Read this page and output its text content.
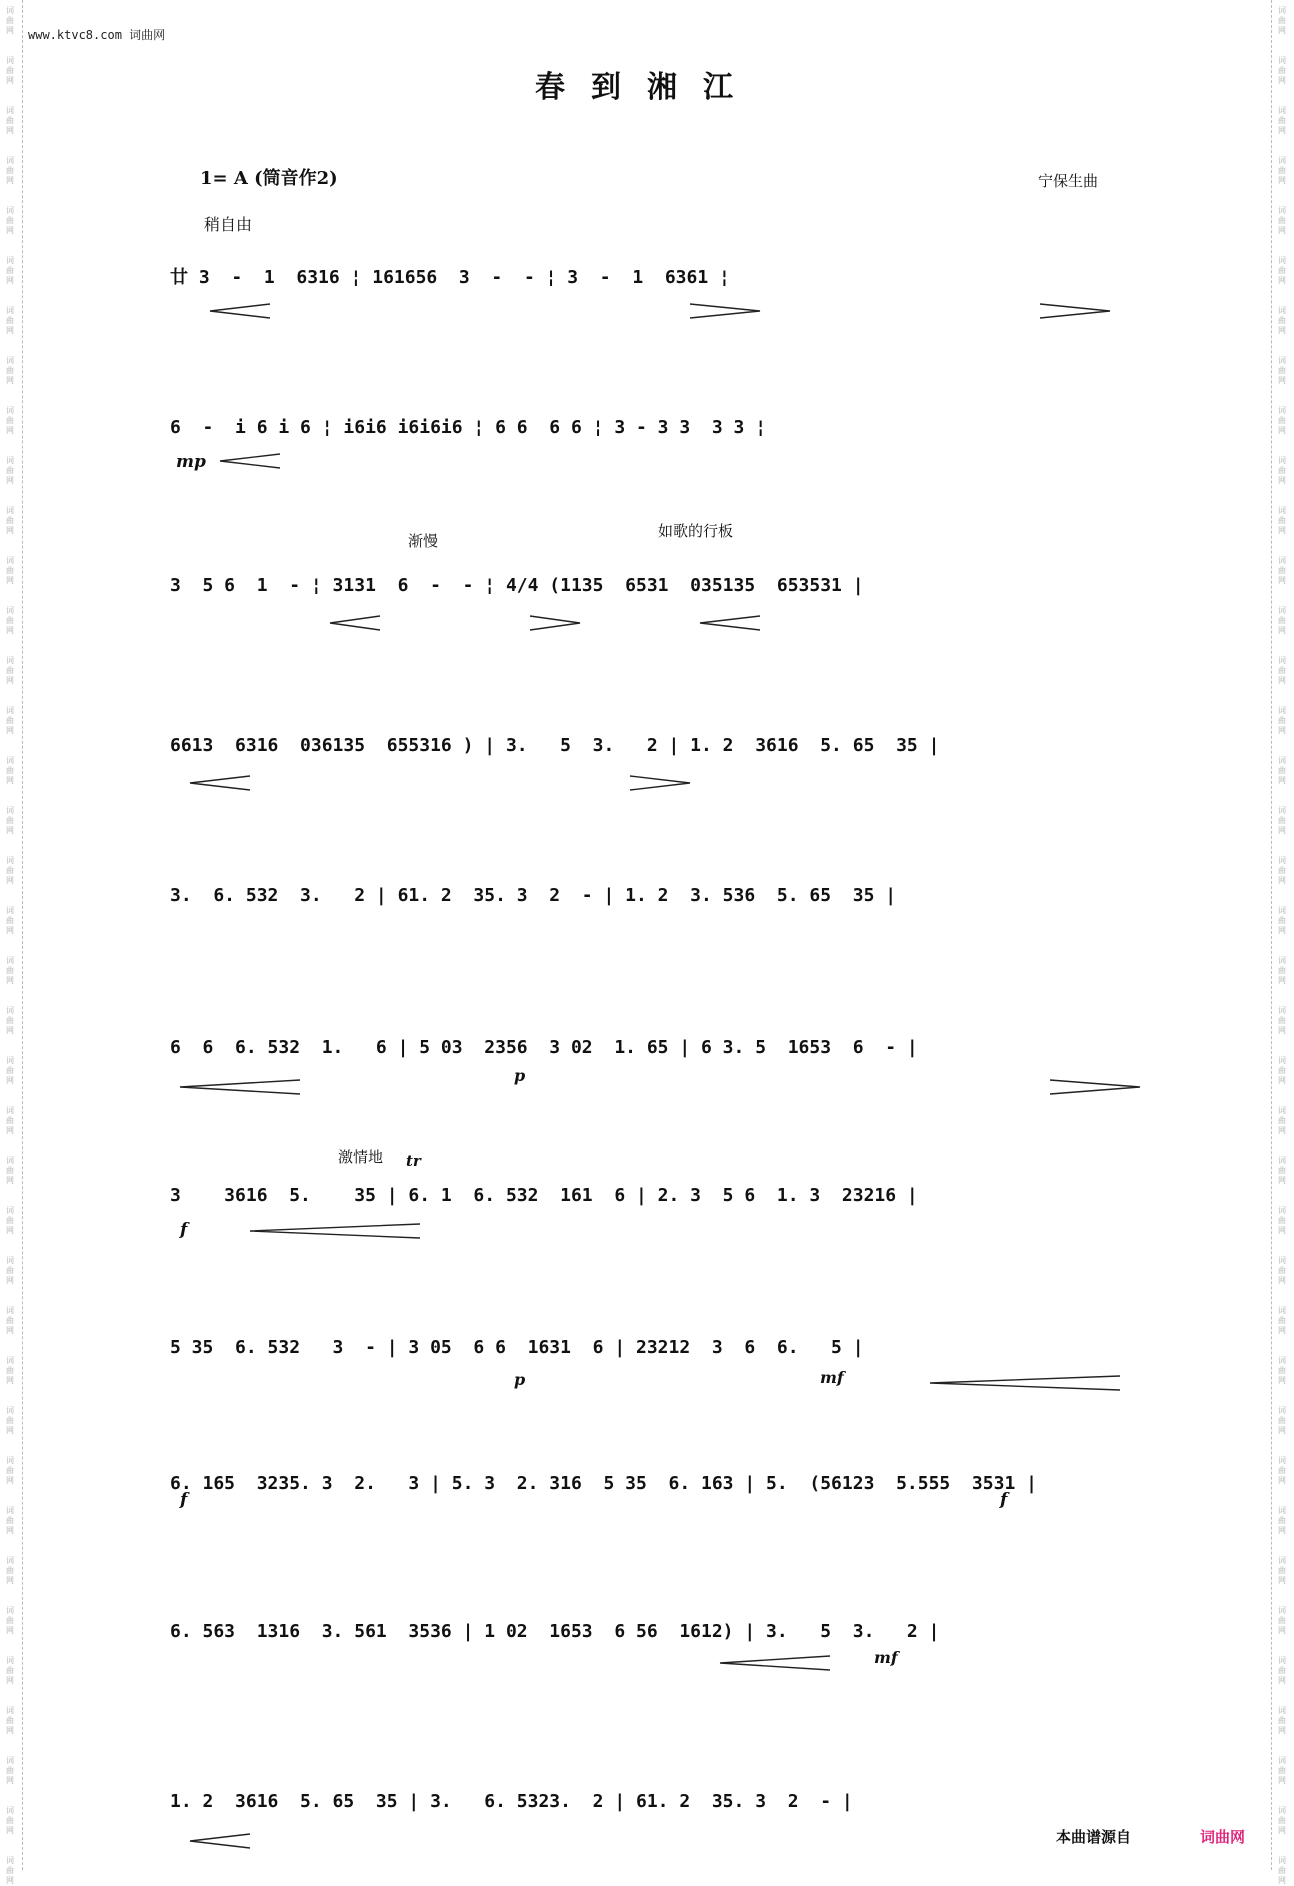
词
曲
网
词
曲
网
词
曲
网
词
曲
网
词
曲
网
词
曲
网
词
曲
网
词
曲
网
词
曲
网
词
曲
网
词
曲
网
词
曲
网
词
曲
网
词
曲
网
词
曲
网
词
曲
网
词
曲
网
词
曲
网
词
曲
网
词
曲
网
词
曲
网
词
曲
网
词
曲
网
词
曲
网
词
曲
网
词
曲
网
词
曲
网
词
曲
网
词
曲
网
词
曲
网
词
曲
网
词
曲
网
词
曲
网
词
曲
网
词
曲
网
词
曲
网
词
曲
网
词
曲
网
词
曲
网
词
曲
网
词
曲
网
词
曲
网
词
曲
网
词
曲
网
词
曲
网
词
曲
网
词
曲
网
词
曲
网
词
曲
网
词
曲
网
词
曲
网
词
曲
网
词
曲
网
词
曲
网
词
曲
网
词
曲
网
词
曲
网
词
曲
网
词
曲
网
词
曲
网
词
曲
网
词
曲
网
词
曲
网
词
曲
网
词
曲
网
词
曲
网
词
曲
网
词
曲
网
词
曲
网
词
曲
网
词
曲
网
词
曲
网
词
曲
网
词
曲
网
词
曲
网
词
曲
网
www.ktvc8.com 词曲网
春到湘江
1= A (筒音作2)	宁保生曲
稍自由
渐慢
如歌的行板
激情地 tr
廿 3  -  1  6316 ¦ 161656  3  -  - ¦ 3  -  1  6361 ¦
6  -  i 6 i 6 ¦ i6i6 i6i6i6 ¦ 6 6  6 6 ¦ 3 - 3 3  3 3 ¦
3  5 6  1  - ¦ 3131  6  -  - ¦ 4/4 (1135  6531  035135  653531 |
6613  6316  036135  655316 ) | 3.   5  3.   2 | 1. 2  3616  5. 65  35 |
3.  6. 532  3.   2 | 61. 2  35. 3  2  - | 1. 2  3. 536  5. 65  35 |
6  6  6. 532  1.   6 | 5 03  2356  3 02  1. 65 | 6 3. 5  1653  6  - |
3    3616  5.    35 | 6. 1  6. 532  161  6 | 2. 3  5 6  1. 3  23216 |
5 35  6. 532   3  - | 3 05  6 6  1631  6 | 23212  3  6  6.   5 |
6. 165  3235. 3  2.   3 | 5. 3  2. 316  5 35  6. 163 | 5.  (56123  5.555  3531 |
6. 563  1316  3. 561  3536 | 1 02  1653  6 56  1612) | 3.   5  3.   2 |
1. 2  3616  5. 65  35 | 3.   6. 5323.  2 | 61. 2  35. 3  2  - |
mp
f
p
mf
f	f
p
mf
本曲谱源自	词曲网
